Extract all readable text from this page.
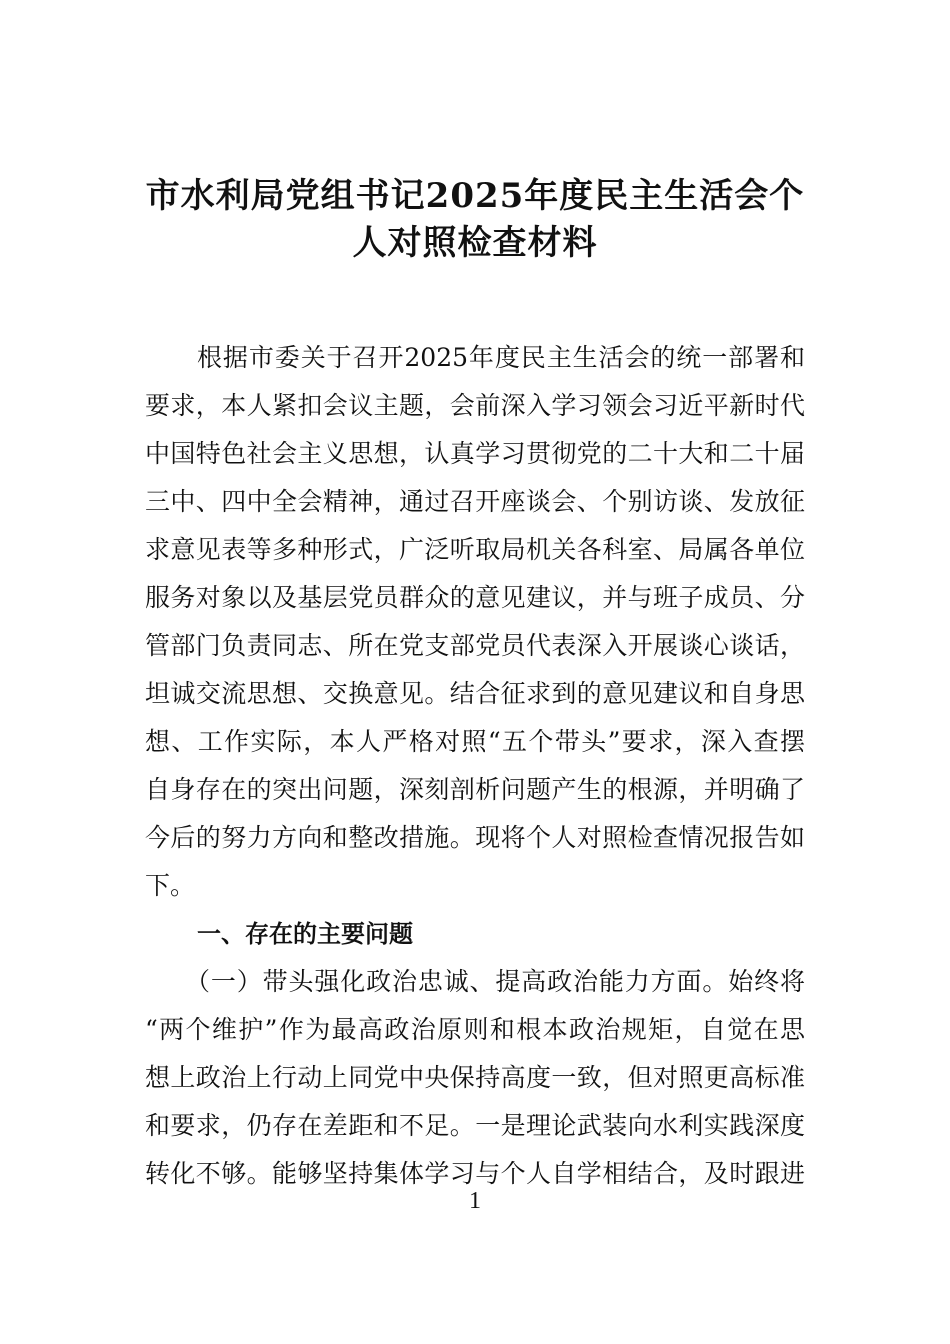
市水利局党组书记2025年度民主生活会个
人对照检查材料
根据市委关于召开2025年度民主生活会的统一部署和
要求，本人紧扣会议主题，会前深入学习领会习近平新时代
中国特色社会主义思想，认真学习贯彻党的二十大和二十届
三中、四中全会精神，通过召开座谈会、个别访谈、发放征
求意见表等多种形式，广泛听取局机关各科室、局属各单位
服务对象以及基层党员群众的意见建议，并与班子成员、分
管部门负责同志、所在党支部党员代表深入开展谈心谈话，
坦诚交流思想、交换意见。结合征求到的意见建议和自身思
想、工作实际，本人严格对照“五个带头”要求，深入查摆
自身存在的突出问题，深刻剖析问题产生的根源，并明确了
今后的努力方向和整改措施。现将个人对照检查情况报告如
下。
一、存在的主要问题
（一）带头强化政治忠诚、提高政治能力方面。始终将
“两个维护”作为最高政治原则和根本政治规矩，自觉在思
想上政治上行动上同党中央保持高度一致，但对照更高标准
和要求，仍存在差距和不足。一是理论武装向水利实践深度
转化不够。能够坚持集体学习与个人自学相结合，及时跟进
1
